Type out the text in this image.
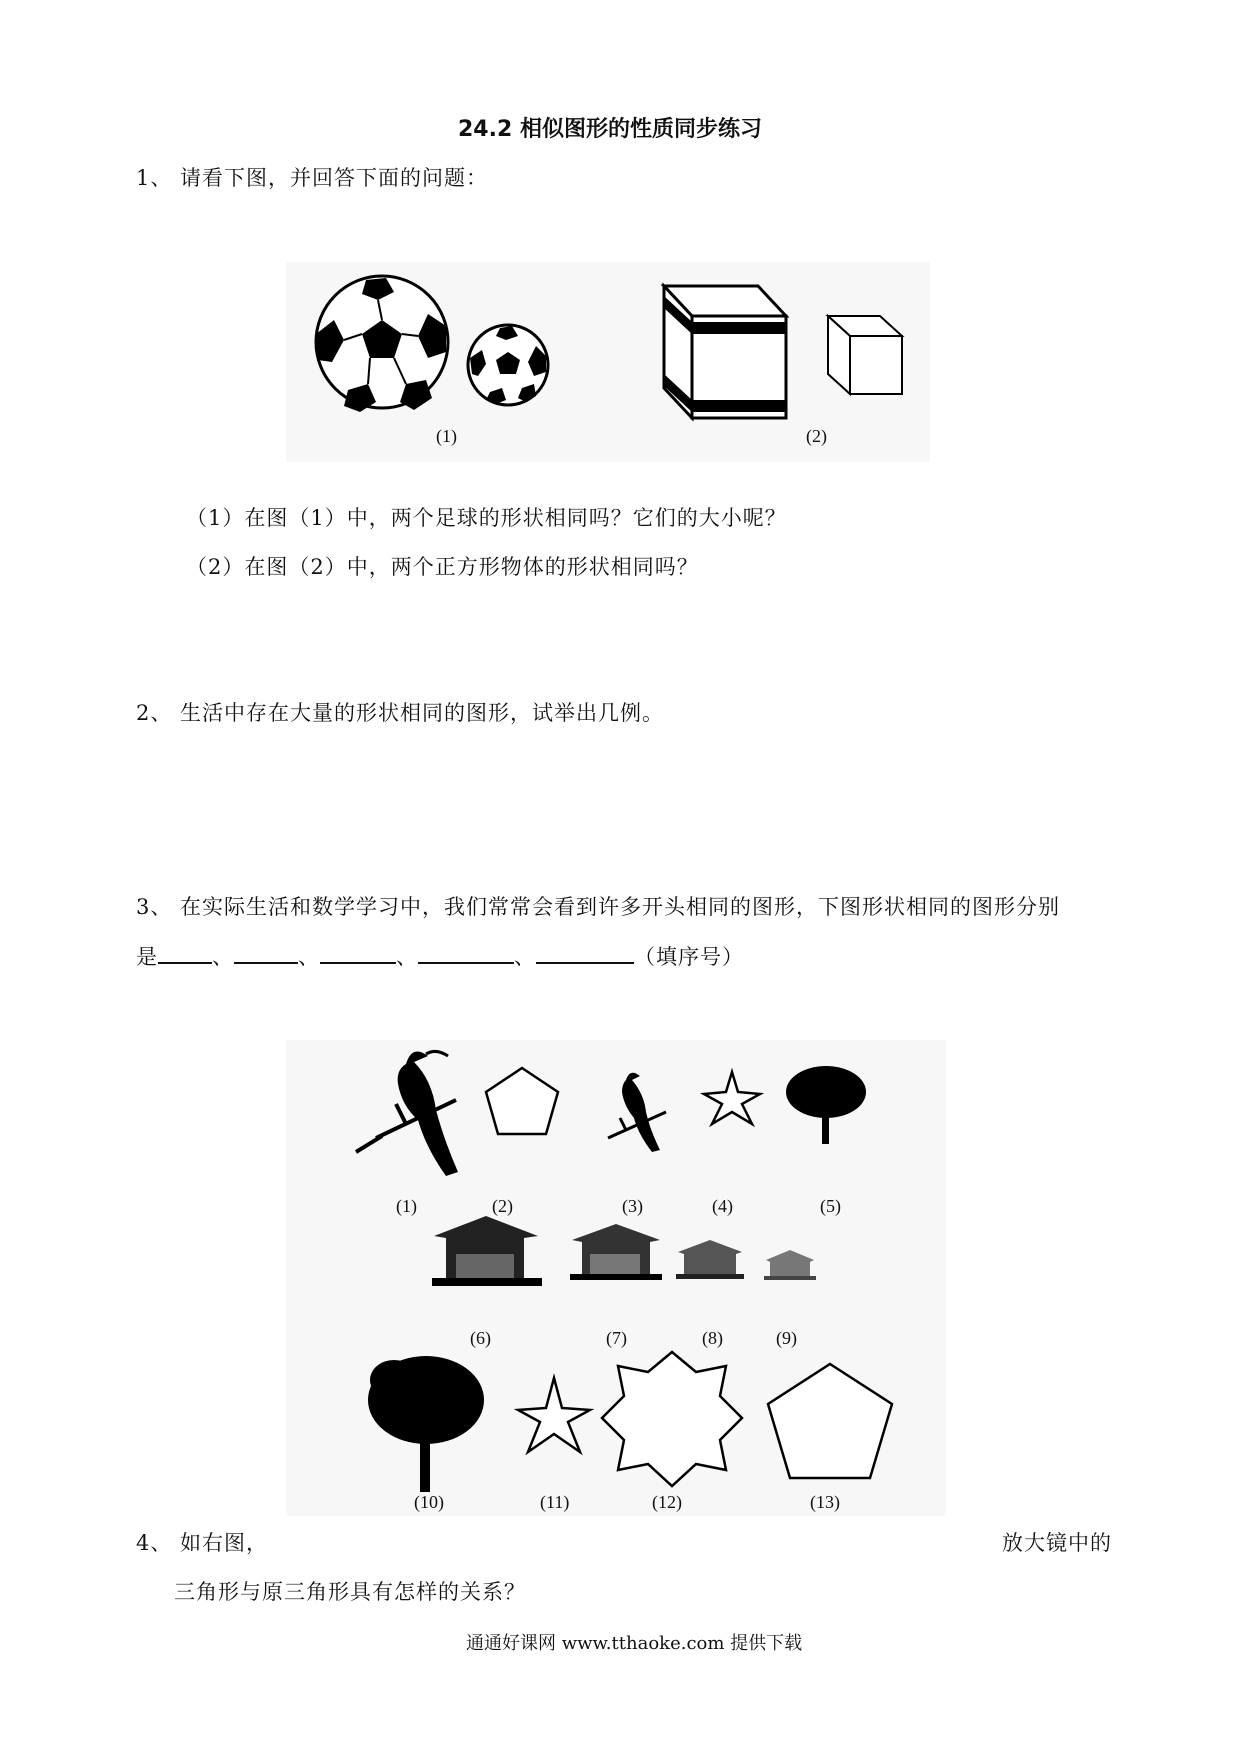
24.2 相似图形的性质同步练习
1、 请看下图，并回答下面的问题：
(1)	(2)
（1）在图（1）中，两个足球的形状相同吗？它们的大小呢？
（2）在图（2）中，两个正方形物体的形状相同吗？
2、 生活中存在大量的形状相同的图形，试举出几例。
3、 在实际生活和数学学习中，我们常常会看到许多开头相同的图形，下图形状相同的图形分别
是	、	、	、	、	（填序号）
(1)	(2)	(3)	(4)	(5)
(6)	(7)	(8)	(9)
(10)	(11)	(12)	(13)
4、 如右图，	放大镜中的
三角形与原三角形具有怎样的关系？
通通好课网 www.tthaoke.com 提供下载
